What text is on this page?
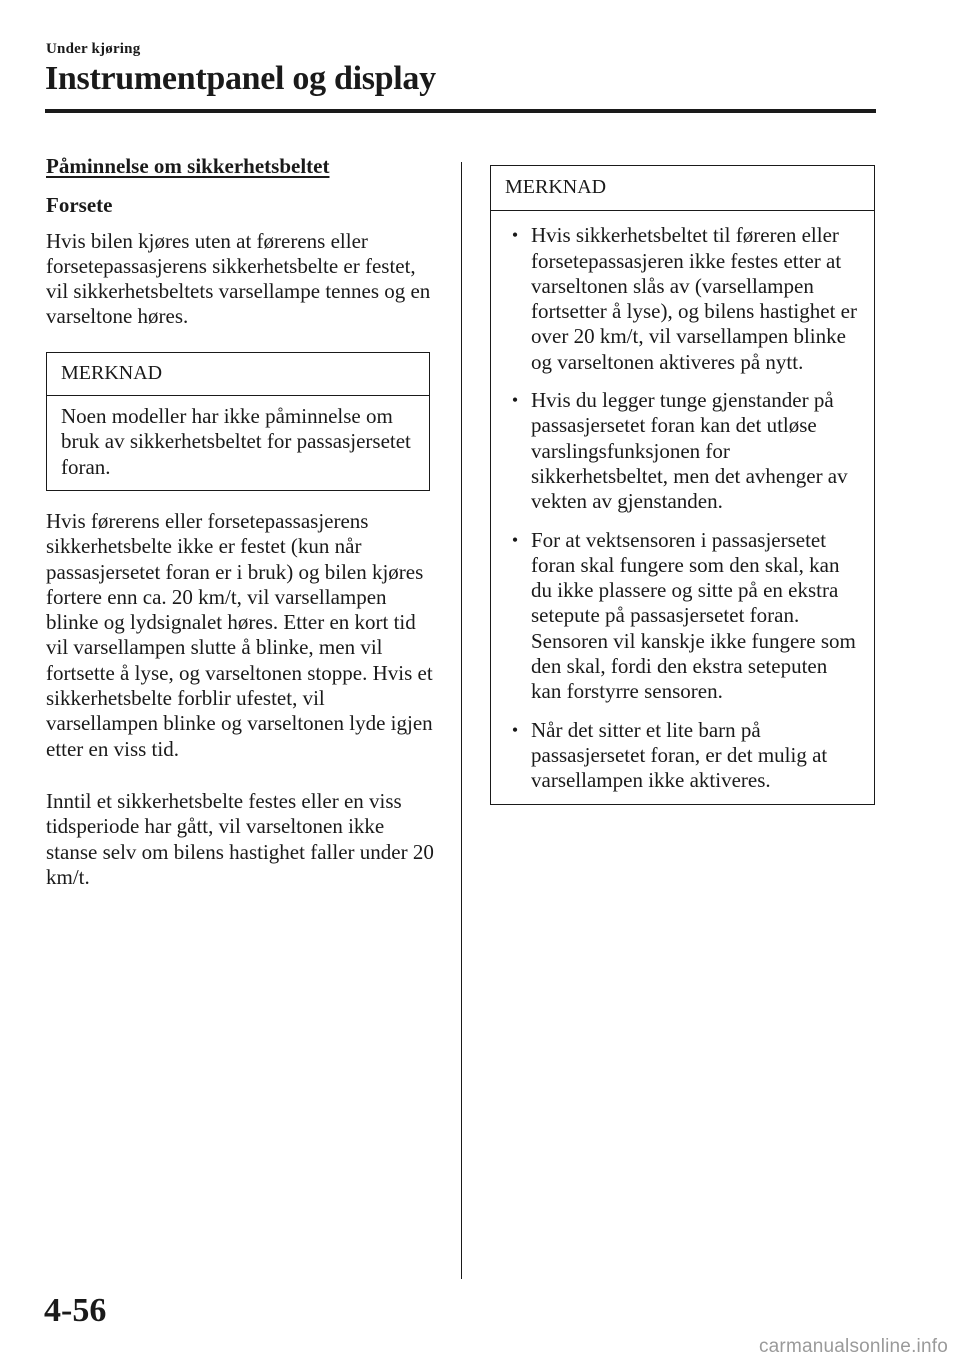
Under kjøring
Instrumentpanel og display

Påminnelse om sikkerhetsbeltet

Forsete

Hvis bilen kjøres uten at førerens eller forsetepassasjerens sikkerhetsbelte er festet, vil sikkerhetsbeltets varsellampe tennes og en varseltone høres.

MERKNAD
Noen modeller har ikke påminnelse om bruk av sikkerhetsbeltet for passasjersetet foran.

Hvis førerens eller forsetepassasjerens sikkerhetsbelte ikke er festet (kun når passasjersetet foran er i bruk) og bilen kjøres fortere enn ca. 20 km/t, vil varsellampen blinke og lydsignalet høres. Etter en kort tid vil varsellampen slutte å blinke, men vil fortsette å lyse, og varseltonen stoppe. Hvis et sikkerhetsbelte forblir ufestet, vil varsellampen blinke og varseltonen lyde igjen etter en viss tid.

Inntil et sikkerhetsbelte festes eller en viss tidsperiode har gått, vil varseltonen ikke stanse selv om bilens hastighet faller under 20 km/t.

MERKNAD
• Hvis sikkerhetsbeltet til føreren eller forsetepassasjeren ikke festes etter at varseltonen slås av (varsellampen fortsetter å lyse), og bilens hastighet er over 20 km/t, vil varsellampen blinke og varseltonen aktiveres på nytt.
• Hvis du legger tunge gjenstander på passasjersetet foran kan det utløse varslingsfunksjonen for sikkerhetsbeltet, men det avhenger av vekten av gjenstanden.
• For at vektsensoren i passasjersetet foran skal fungere som den skal, kan du ikke plassere og sitte på en ekstra setepute på passasjersetet foran. Sensoren vil kanskje ikke fungere som den skal, fordi den ekstra seteputen kan forstyrre sensoren.
• Når det sitter et lite barn på passasjersetet foran, er det mulig at varsellampen ikke aktiveres.
4-56
carmanualsonline.info
